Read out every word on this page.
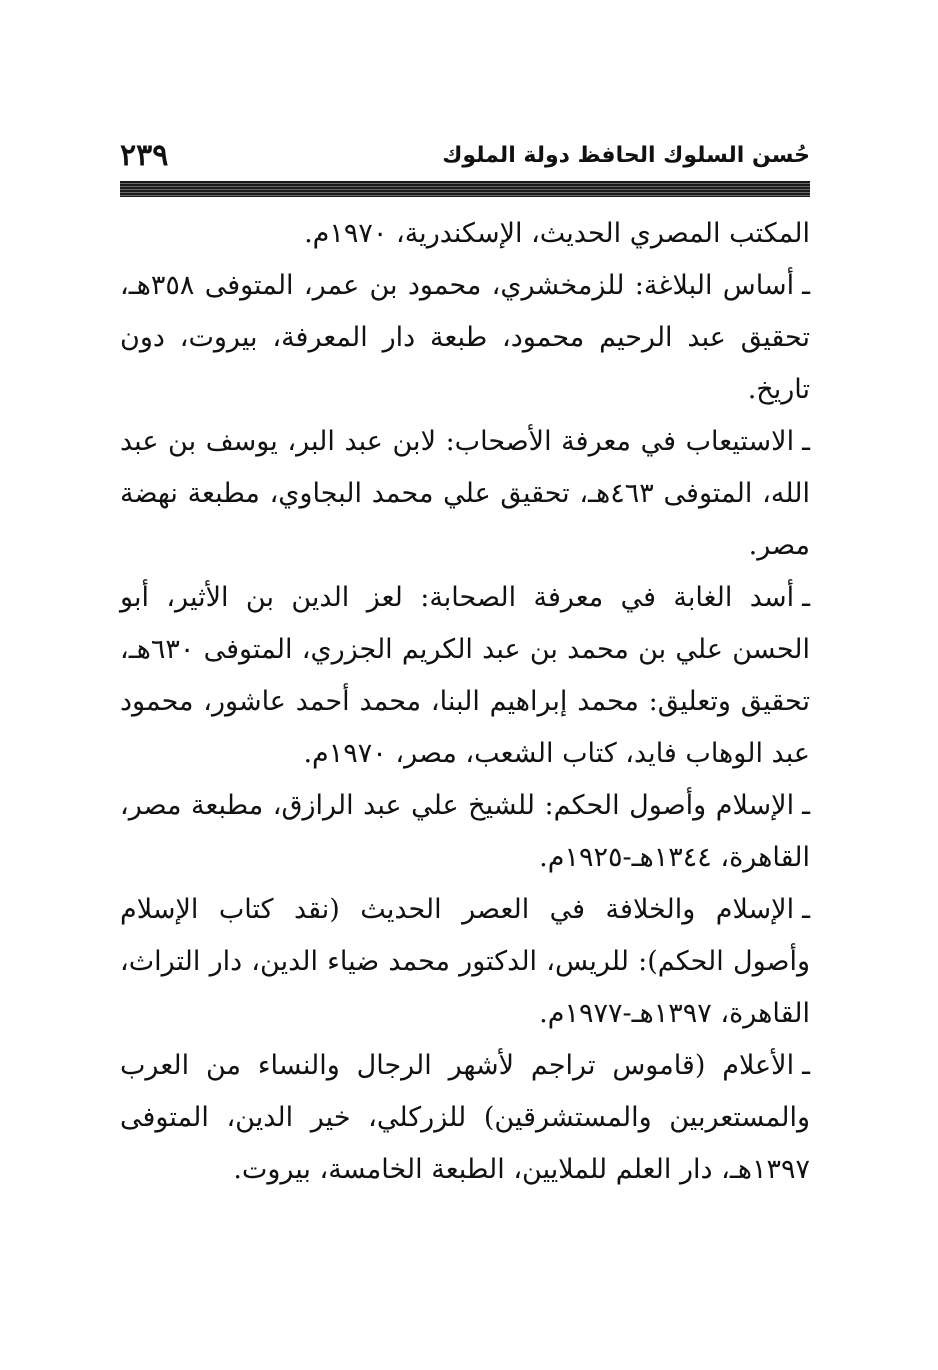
٢٣٩	حُسن السلوك الحافظ دولة الملوك

المكتب المصري الحديث، الإسكندرية، ١٩٧٠م.

ـأساس البلاغة: للزمخشري، محمود بن عمر، المتوفى ٣٥٨هـ، تحقيق عبد الرحيم محمود، طبعة دار المعرفة، بيروت، دون تاريخ.

ـالاستيعاب في معرفة الأصحاب: لابن عبد البر، يوسف بن عبد الله، المتوفى ٤٦٣هـ، تحقيق علي محمد البجاوي، مطبعة نهضة مصر.

ـأسد الغابة في معرفة الصحابة: لعز الدين بن الأثير، أبو الحسن علي بن محمد بن عبد الكريم الجزري، المتوفى ٦٣٠هـ، تحقيق وتعليق: محمد إبراهيم البنا، محمد أحمد عاشور، محمود عبد الوهاب فايد، كتاب الشعب، مصر، ١٩٧٠م.

ـالإسلام وأصول الحكم: للشيخ علي عبد الرازق، مطبعة مصر، القاهرة، ١٣٤٤هـ-١٩٢٥م.

ـالإسلام والخلافة في العصر الحديث (نقد كتاب الإسلام وأصول الحكم): للريس، الدكتور محمد ضياء الدين، دار التراث، القاهرة، ١٣٩٧هـ-١٩٧٧م.

ـالأعلام (قاموس تراجم لأشهر الرجال والنساء من العرب والمستعربين والمستشرقين) للزركلي، خير الدين، المتوفى ١٣٩٧هـ، دار العلم للملايين، الطبعة الخامسة، بيروت.
